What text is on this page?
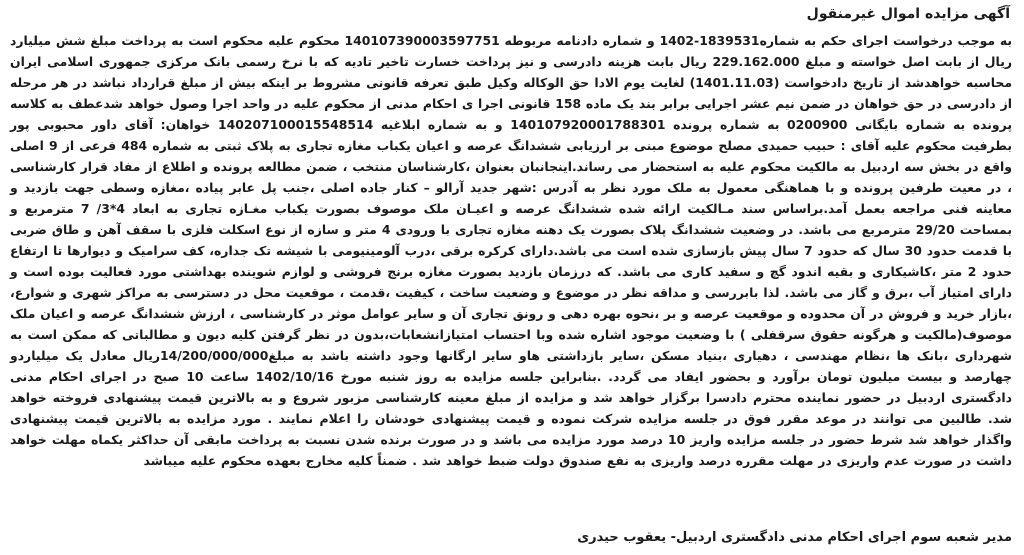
آگهی مزایده اموال غیرمنقول

به موجب درخواست اجرای حکم به شماره1839531-1402 و شماره دادنامه مربوطه 140107390003597751 محکوم علیه محکوم است به پرداخت مبلغ شش میلیارد ریال از بابت اصل خواسته و مبلغ 229.162.000 ریال بابت هزینه دادرسی و نیز پرداخت خسارت تاخیر تادیه که با نرخ رسمی بانک مرکزی جمهوری اسلامی ایران محاسبه خواهدشد از تاریخ دادخواست (1401.11.03) لغایت یوم الادا حق الوکاله وکیل طبق تعرفه قانونی مشروط بر اینکه بیش از مبلغ قرارداد نباشد در هر مرحله از دادرسی در حق خواهان در ضمن نیم عشر اجرایی برابر بند یک ماده 158 قانونی اجرا ی احکام مدنی از محکوم علیه در واحد اجرا وصول خواهد شدعطف به کلاسه پرونده به شماره بایگانی 0200900 به شماره پرونده 140107920001788301 و به شماره ابلاغیه 140207100015548514 خواهان: آقای داور محبوبی پور بطرفیت محکوم علیه آقای : حبیب حمیدی مصلح موضوع مبنی بر ارزیابی ششدانگ عرصه و اعیان یکباب مغازه تجاری به پلاک ثبتی به شماره 484 فرعی از 9 اصلی واقع در بخش سه اردبیل به مالکیت محکوم علیه به استحضار می رساند.اینجانبان بعنوان ،کارشناسان منتخب ، ضمن مطالعه پرونده و اطلاع از مفاد قرار کارشناسی ، در معیت طرفین پرونده و با هماهنگی معمول به ملک مورد نظر به آدرس :شهر جدید آرالو – کنار جاده اصلی ،جنب پل عابر پیاده ،مغازه وسطی جهت بازدید و معاینه فنی مراجعه بعمل آمد.براساس سند مـالکیت ارائه شده ششدانگ عرصه و اعیـان ملک موصوف بصورت یکباب مغـازه تجاری به ابعاد 4*3/ 7 مترمربع و بمساحت 29/20 مترمربع می باشد. در وضعیت ششدانگ پلاک بصورت یک دهنه مغازه تجاری با ورودی 4 متر و سازه از نوع اسکلت فلزی با سقف آهن و طاق ضربی با قدمت حدود 30 سال که حدود 7 سال پیش بازسازی شده است می باشد.دارای کرکره برقی ،درب آلومینیومی با شیشه تک جداره، کف سرامیک و دیوارها تا ارتفاع حدود 2 متر ،کاشیکاری و بقیه اندود گچ و سفید کاری می باشد. که درزمان بازدید بصورت مغازه برنج فروشی و لوازم شوینده بهداشتی مورد فعالیت بوده است و دارای امتیاز آب ،برق و گاز می باشد. لذا بابررسی و مداقه نظر در موضوع و وضعیت ساخت ، کیفیت ،قدمت ، موقعیت محل در دسترسی به مراکز شهری و شوارع، ،بازار خرید و فروش در آن محدوده و موقعیت عرصه و بر ،نحوه بهره دهی و رونق تجاری آن و سایر عوامل موثر در کارشناسی ، ارزش ششدانگ عرصه و اعیان ملک موصوف(مالکیت و هرگونه حقوق سرقفلی ) با وضعیت موجود اشاره شده وبا احتساب امتیازانشعابات،بدون در نظر گرفتن کلیه دیون و مطالباتی که ممکن است به شهرداری ،بانک ها ،نظام مهندسی ، دهیاری ،بنیاد مسکن ،سایر بازداشتی هاو سایر ارگانها وجود داشته باشد به مبلغ14/200/000/000ریال معادل یک میلیاردو چهارصد و بیست میلیون تومان برآورد و بحضور ایفاد می گردد. .بنابراین جلسه مزایده به روز شنبه مورخ 1402/10/16 ساعت 10 صبح در اجرای احکام مدنی دادگستری اردبیل در حضور نماینده محترم دادسرا برگزار خواهد شد و مزایده از مبلغ معینه کارشناسی مزبور شروع و به بالاترین قیمت پیشنهادی فروخته خواهد شد. طالبین می توانند در موعد مقرر فوق در جلسه مزایده شرکت نموده و قیمت پیشنهادی خودشان را اعلام نمایند . مورد مزایده به بالاترین قیمت پیشنهادی واگذار خواهد شد شرط حضور در جلسه مزایده واریز 10 درصد مورد مزایده می باشد و در صورت برنده شدن نسبت به پرداخت مابقی آن حداکثر یکماه مهلت خواهد داشت در صورت عدم واریزی در مهلت مقرره درصد واریزی به نفع صندوق دولت ضبط خواهد شد . ضمناً کلیه مخارج بعهده محکوم علیه میباشد

مدیر شعبه سوم اجرای احکام مدنی دادگستری اردبیل- یعقوب حیدری
